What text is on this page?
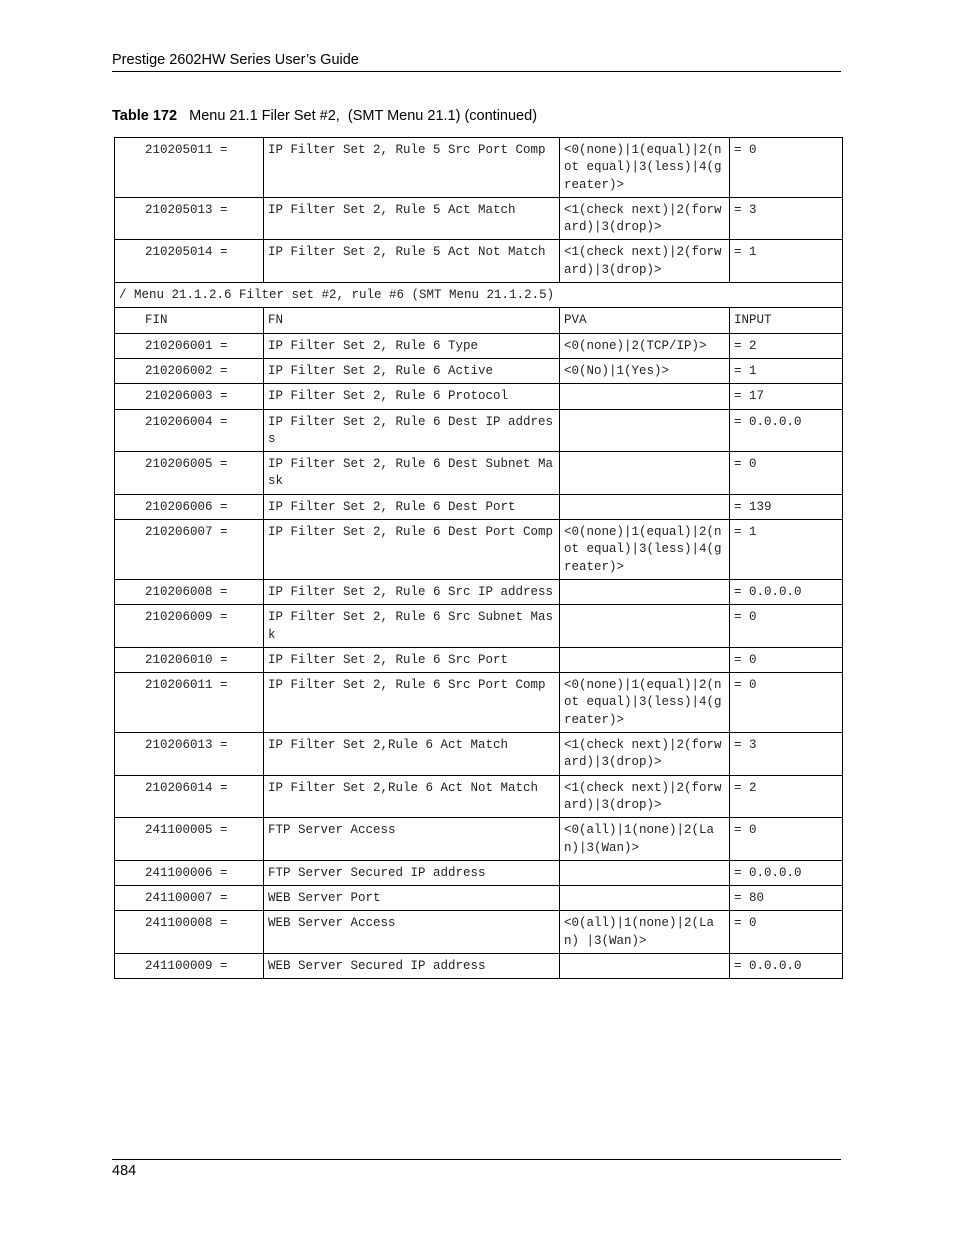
Prestige 2602HW Series User’s Guide
Table 172   Menu 21.1 Filer Set #2,  (SMT Menu 21.1) (continued)
210205011 =	IP Filter Set 2, Rule 5 Src Port Comp	<0(none)|1(equal)|2(not equal)|3(less)|4(greater)>	= 0
210205013 =	IP Filter Set 2, Rule 5 Act Match	<1(check next)|2(forward)|3(drop)>	= 3
210205014 =	IP Filter Set 2, Rule 5 Act Not Match	<1(check next)|2(forward)|3(drop)>	= 1
/ Menu 21.1.2.6 Filter set #2, rule #6 (SMT Menu 21.1.2.5)			
FIN	FN	PVA	INPUT
210206001 =	IP Filter Set 2, Rule 6 Type	<0(none)|2(TCP/IP)>	= 2
210206002 =	IP Filter Set 2, Rule 6 Active	<0(No)|1(Yes)>	= 1
210206003 =	IP Filter Set 2, Rule 6 Protocol		= 17
210206004 =	IP Filter Set 2, Rule 6 Dest IP address		= 0.0.0.0
210206005 =	IP Filter Set 2, Rule 6 Dest Subnet Mask		= 0
210206006 =	IP Filter Set 2, Rule 6 Dest Port		= 139
210206007 =	IP Filter Set 2, Rule 6 Dest Port Comp	<0(none)|1(equal)|2(not equal)|3(less)|4(greater)>	= 1
210206008 =	IP Filter Set 2, Rule 6 Src IP address		= 0.0.0.0
210206009 =	IP Filter Set 2, Rule 6 Src Subnet Mask		= 0
210206010 =	IP Filter Set 2, Rule 6 Src Port		= 0
210206011 =	IP Filter Set 2, Rule 6 Src Port Comp	<0(none)|1(equal)|2(not equal)|3(less)|4(greater)>	= 0
210206013 =	IP Filter Set 2,Rule 6 Act Match	<1(check next)|2(forward)|3(drop)>	= 3
210206014 =	IP Filter Set 2,Rule 6 Act Not Match	<1(check next)|2(forward)|3(drop)>	= 2
241100005 =	FTP Server Access	<0(all)|1(none)|2(Lan)|3(Wan)>	= 0
241100006 =	FTP Server Secured IP address		= 0.0.0.0
241100007 =	WEB Server Port		= 80
241100008 =	WEB Server Access	<0(all)|1(none)|2(Lan) |3(Wan)>	= 0
241100009 =	WEB Server Secured IP address		= 0.0.0.0
484
